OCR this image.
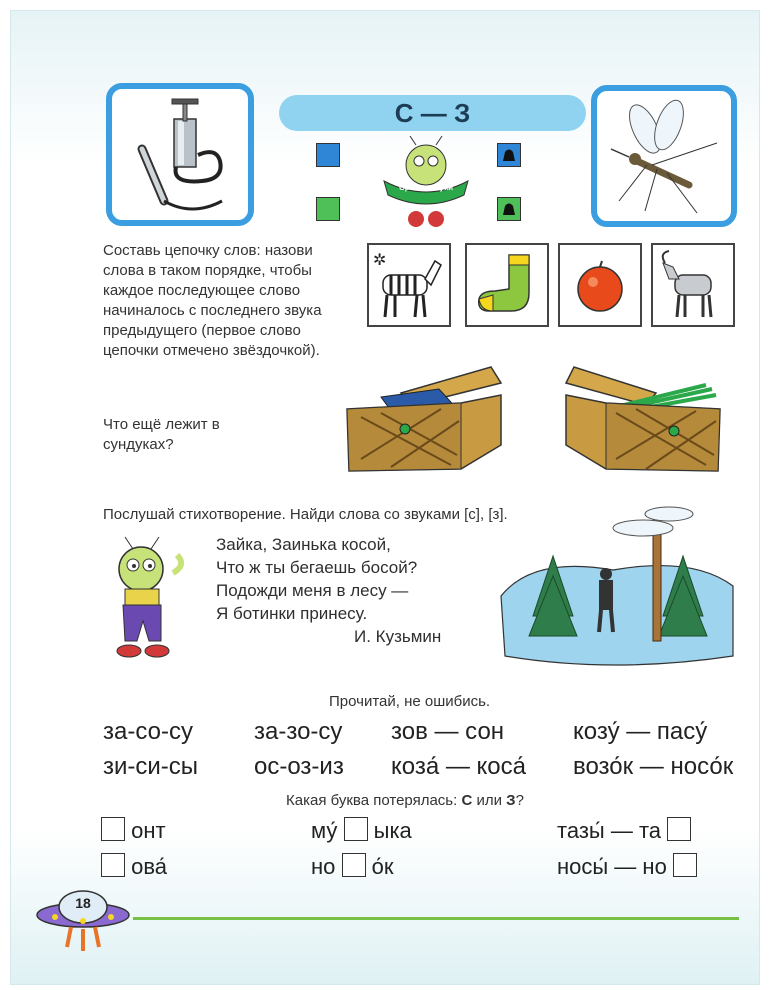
С — З
Сравни звуки
Составь цепочку слов: назови слова в таком порядке, чтобы каждое последующее слово начиналось с последнего звука предыдущего (первое слово цепочки отмечено звёздочкой).
✲
Что ещё лежит в сундуках?
Послушай стихотворение. Найди слова со звуками [с], [з].
Зайка, Заинька косой,
Что ж ты бегаешь босой?
Подожди меня в лесу —
Я ботинки принесу.
И. Кузьмин
Прочитай, не ошибись.
за-со-су	за-зо-су зов — сон	козу́ — пасу́
зи-си-сы ос-оз-из коза́ — коса́ возо́к — носо́к
Какая буква потерялась: С или З?
онт
ова́
му́ ыка
но о́к
тазы́ — та
носы́ — но
18
